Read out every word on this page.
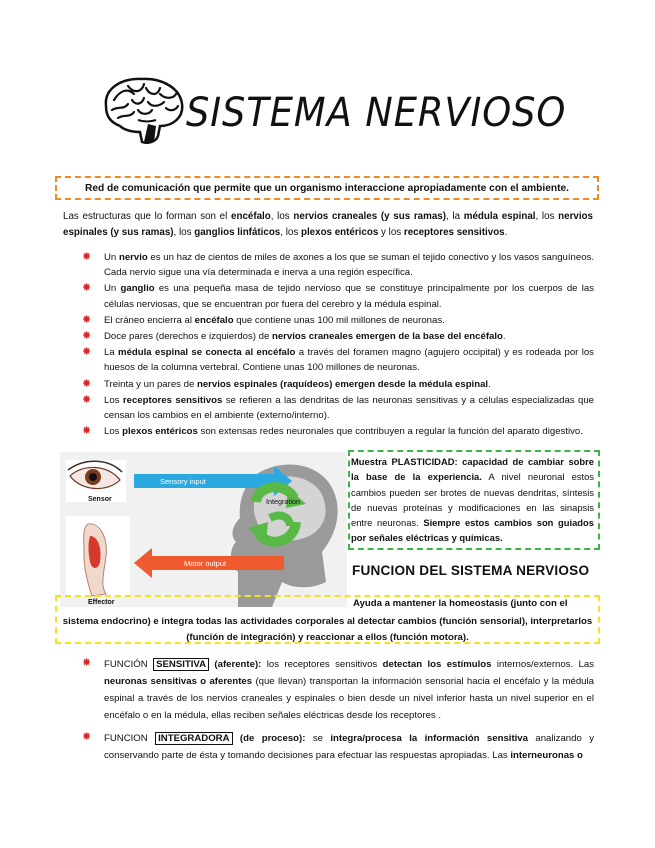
SISTEMA NERVIOSO
Red de comunicación que permite que un organismo interaccione apropiadamente con el ambiente.

Las estructuras que lo forman son el encéfalo, los nervios craneales (y sus ramas), la médula espinal, los nervios espinales (y sus ramas), los ganglios linfáticos, los plexos entéricos y los receptores sensitivos.

✸ Un nervio es un haz de cientos de miles de axones a los que se suman el tejido conectivo y los vasos sanguíneos. Cada nervio sigue una vía determinada e inerva a una región específica.
✸ Un ganglio es una pequeña masa de tejido nervioso que se constituye principalmente por los cuerpos de las células nerviosas, que se encuentran por fuera del cerebro y la médula espinal.
✸ El cráneo encierra al encéfalo que contiene unas 100 mil millones de neuronas.
✸ Doce pares (derechos e izquierdos) de nervios craneales emergen de la base del encéfalo.
✸ La médula espinal se conecta al encéfalo a través del foramen magno (agujero occipital) y es rodeada por los huesos de la columna vertebral. Contiene unas 100 millones de neuronas.
✸ Treinta y un pares de nervios espinales (raquídeos) emergen desde la médula espinal.
✸ Los receptores sensitivos se refieren a las dendritas de las neuronas sensitivas y a células especializadas que censan los cambios en el ambiente (externo/interno).
✸ Los plexos entéricos son extensas redes neuronales que contribuyen a regular la función del aparato digestivo.
Sensory input
Integration
Motor output
Sensor
Effector

Muestra PLASTICIDAD: capacidad de cambiar sobre la base de la experiencia. A nivel neuronal estos cambios pueden ser brotes de nuevas dendritas, síntesis de nuevas proteínas y modificaciones en las sinapsis entre neuronas. Siempre estos cambios son guiados por señales eléctricas y químicas.

FUNCION DEL SISTEMA NERVIOSO
Ayuda a mantener la homeostasis (junto con el
sistema endocrino) e integra todas las actividades corporales al detectar cambios (función sensorial), interpretarlos (función de integración) y reaccionar a ellos (función motora).

✸ FUNCIÓN SENSITIVA (aferente): los receptores sensitivos detectan los estímulos internos/externos. Las neuronas sensitivas o aferentes (que llevan) transportan la información sensorial hacia el encéfalo y la médula espinal a través de los nervios craneales y espinales o bien desde un nivel inferior hasta un nivel superior en el encéfalo o en la médula, ellas reciben señales eléctricas desde los receptores .

✸ FUNCION INTEGRADORA (de proceso): se integra/procesa la información sensitiva analizando y conservando parte de ésta y tomando decisiones para efectuar las respuestas apropiadas. Las interneuronas o
